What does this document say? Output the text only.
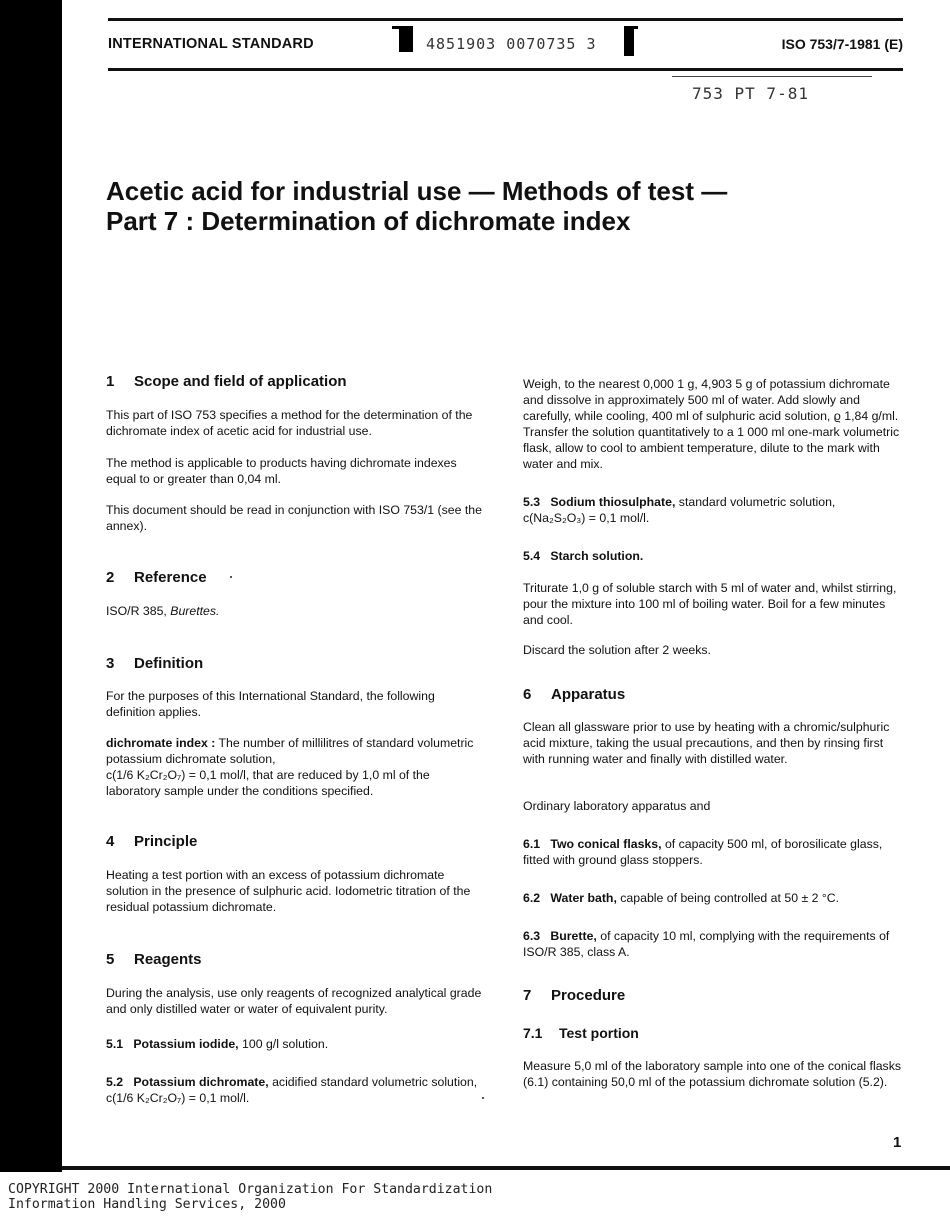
INTERNATIONAL STANDARD	4851903 0070735 3	ISO 753/7-1981 (E)
753 PT 7-81
Acetic acid for industrial use — Methods of test —
Part 7 : Determination of dichromate index
1 Scope and field of application

This part of ISO 753 specifies a method for the determination of the dichromate index of acetic acid for industrial use.

The method is applicable to products having dichromate indexes equal to or greater than 0,04 ml.

This document should be read in conjunction with ISO 753/1 (see the annex).

2 Reference

ISO/R 385, Burettes.

3 Definition

For the purposes of this International Standard, the following definition applies.

dichromate index : The number of millilitres of standard volumetric potassium dichromate solution,
c(1/6 K₂Cr₂O₇) = 0,1 mol/l, that are reduced by 1,0 ml of the laboratory sample under the conditions specified.

4 Principle

Heating a test portion with an excess of potassium dichromate solution in the presence of sulphuric acid. Iodometric titration of the residual potassium dichromate.

5 Reagents

During the analysis, use only reagents of recognized analytical grade and only distilled water or water of equivalent purity.

5.1 Potassium iodide, 100 g/l solution.

5.2 Potassium dichromate, acidified standard volumetric solution, c(1/6 K₂Cr₂O₇) = 0,1 mol/l.

Weigh, to the nearest 0,000 1 g, 4,903 5 g of potassium dichromate and dissolve in approximately 500 ml of water. Add slowly and carefully, while cooling, 400 ml of sulphuric acid solution, ϱ 1,84 g/ml. Transfer the solution quantitatively to a 1 000 ml one-mark volumetric flask, allow to cool to ambient temperature, dilute to the mark with water and mix.

5.3 Sodium thiosulphate, standard volumetric solution, c(Na₂S₂O₃) = 0,1 mol/l.

5.4 Starch solution.

Triturate 1,0 g of soluble starch with 5 ml of water and, whilst stirring, pour the mixture into 100 ml of boiling water. Boil for a few minutes and cool.

Discard the solution after 2 weeks.

6 Apparatus

Clean all glassware prior to use by heating with a chromic/sulphuric acid mixture, taking the usual precautions, and then by rinsing first with running water and finally with distilled water.

Ordinary laboratory apparatus and

6.1 Two conical flasks, of capacity 500 ml, of borosilicate glass, fitted with ground glass stoppers.

6.2 Water bath, capable of being controlled at 50 ± 2 °C.

6.3 Burette, of capacity 10 ml, complying with the requirements of ISO/R 385, class A.

7 Procedure
7.1 Test portion

Measure 5,0 ml of the laboratory sample into one of the conical flasks (6.1) containing 50,0 ml of the potassium dichromate solution (5.2).

1
COPYRIGHT 2000 International Organization For Standardization
Information Handling Services, 2000
